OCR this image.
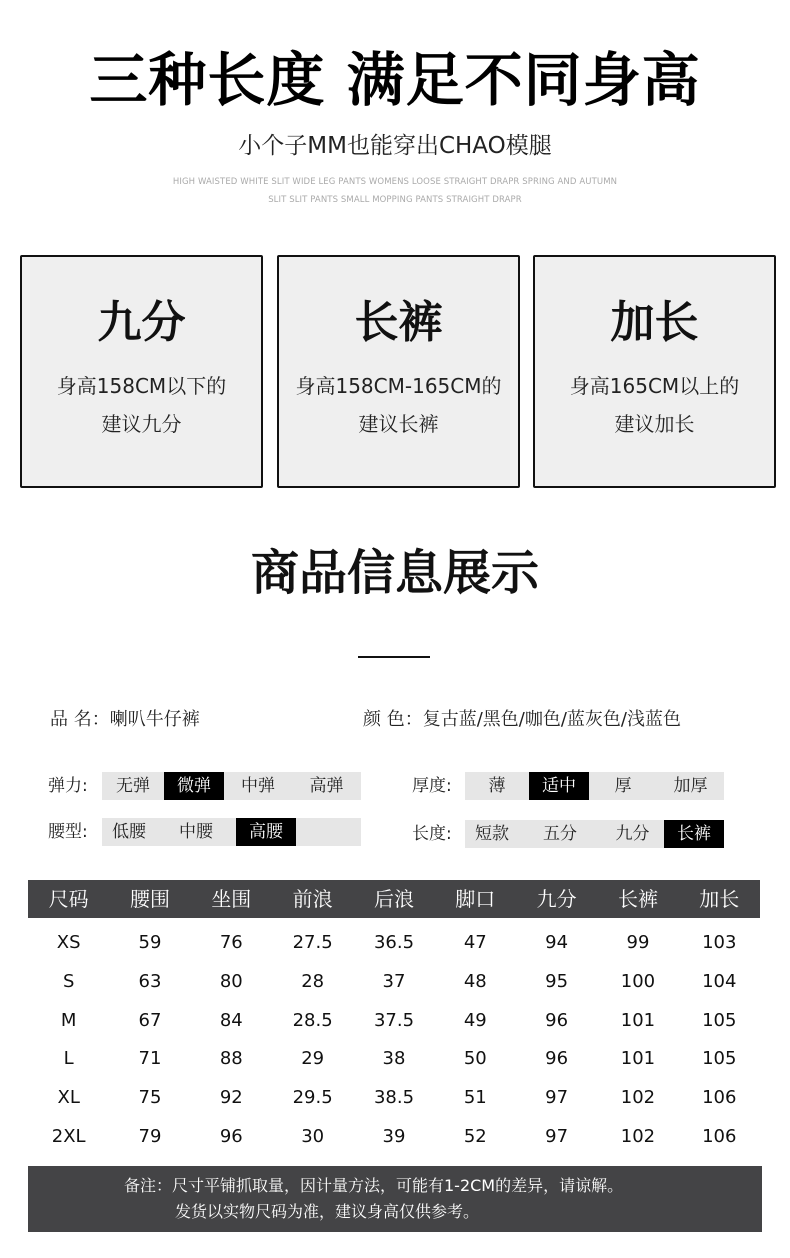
三种长度 满足不同身高
小个子MM也能穿出CHAO模腿
HIGH WAISTED WHITE SLIT WIDE LEG PANTS WOMENS LOOSE STRAIGHT DRAPR SPRING AND AUTUMN
SLIT SLIT PANTS SMALL MOPPING PANTS STRAIGHT DRAPR
九分
身高158CM以下的
建议九分
长裤
身高158CM-165CM的
建议长裤
加长
身高165CM以上的
建议加长
商品信息展示
品 名：喇叭牛仔裤	颜 色：复古蓝/黑色/咖色/蓝灰色/浅蓝色
弹力:	无弹	微弹	中弹	高弹	厚度:	薄	适中	厚	加厚
腰型:	低腰	中腰	高腰	长度:	短款	五分	九分	长裤
尺码	腰围	坐围	前浪	后浪	脚口	九分	长裤	加长
XS	59	76	27.5	36.5	47	94	99	103
S	63	80	28	37	48	95	100	104
M	67	84	28.5	37.5	49	96	101	105
L	71	88	29	38	50	96	101	105
XL	75	92	29.5	38.5	51	97	102	106
2XL	79	96	30	39	52	97	102	106
备注：尺寸平铺抓取量，因计量方法，可能有1-2CM的差异，请谅解。
发货以实物尺码为准，建议身高仅供参考。
